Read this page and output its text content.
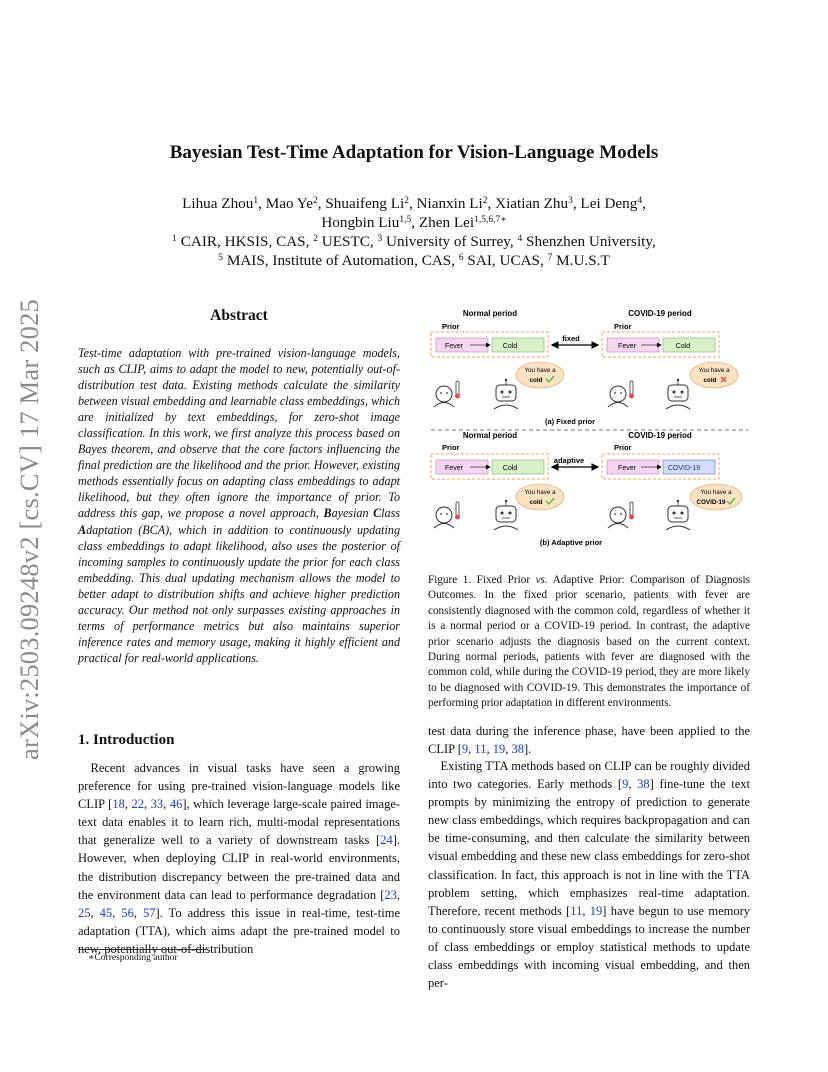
arXiv:2503.09248v2 [cs.CV] 17 Mar 2025
Bayesian Test-Time Adaptation for Vision-Language Models
Lihua Zhou$^1$, Mao Ye$^2$, Shuaifeng Li$^2$, Nianxin Li$^2$, Xiatian Zhu$^3$, Lei Deng$^4$,
Hongbin Liu$^{1,5}$, Zhen Lei$^{1,5,6,7∗}$
$^1$ CAIR, HKSIS, CAS, $^2$ UESTC, $^3$ University of Surrey, $^4$ Shenzhen University,
$^5$ MAIS, Institute of Automation, CAS, $^6$ SAI, UCAS, $^7$ M.U.S.T
Abstract
Test-time adaptation with pre-trained vision-language models, such as CLIP, aims to adapt the model to new, potentially out-of-distribution test data. Existing methods calculate the similarity between visual embedding and learnable class embeddings, which are initialized by text embeddings, for zero-shot image classification. In this work, we first analyze this process based on Bayes theorem, and observe that the core factors influencing the final prediction are the likelihood and the prior. However, existing methods essentially focus on adapting class embeddings to adapt likelihood, but they often ignore the importance of prior. To address this gap, we propose a novel approach, Bayesian Class Adaptation (BCA), which in addition to continuously updating class embeddings to adapt likelihood, also uses the posterior of incoming samples to continuously update the prior for each class embedding. This dual updating mechanism allows the model to better adapt to distribution shifts and achieve higher prediction accuracy. Our method not only surpasses existing approaches in terms of performance metrics but also maintains superior inference rates and memory usage, making it highly efficient and practical for real-world applications.
1. Introduction
 Recent advances in visual tasks have seen a growing preference for using pre-trained vision-language models like CLIP [18, 22, 33, 46], which leverage large-scale paired image-text data enables it to learn rich, multi-modal representations that generalize well to a variety of downstream tasks [24]. However, when deploying CLIP in real-world environments, the distribution discrepancy between the pre-trained data and the environment data can lead to performance degradation [23, 25, 45, 56, 57]. To address this issue in real-time, test-time adaptation (TTA), which aims adapt the pre-trained model to new, potentially out-of-distribution
test data during the inference phase, have been applied to the CLIP [9, 11, 19, 38].
 Existing TTA methods based on CLIP can be roughly divided into two categories. Early methods [9, 38] fine-tune the text prompts by minimizing the entropy of prediction to generate new class embeddings, which requires backpropagation and can be time-consuming, and then calculate the similarity between visual embedding and these new class embeddings for zero-shot classification. In fact, this approach is not in line with the TTA problem setting, which emphasizes real-time adaptation. Therefore, recent methods [11, 19] have begun to use memory to continuously store visual embeddings to increase the number of class embeddings or employ statistical methods to update class embeddings with incoming visual embedding, and then per-
∗Corresponding author
Normal period	COVID-19 period
Prior	Prior
Fever	Cold	Fever	Cold
fixed
You have a
cold
You have a
cold
(a) Fixed prior
Normal period	COVID-19 period
Prior	Prior
Fever	Cold	Fever	COVID-19
adaptive
You have a
cold
You have a
COVID-19
(b) Adaptive prior
Figure 1. Fixed Prior vs. Adaptive Prior: Comparison of Diagnosis Outcomes. In the fixed prior scenario, patients with fever are consistently diagnosed with the common cold, regardless of whether it is a normal period or a COVID-19 period. In contrast, the adaptive prior scenario adjusts the diagnosis based on the current context. During normal periods, patients with fever are diagnosed with the common cold, while during the COVID-19 period, they are more likely to be diagnosed with COVID-19. This demonstrates the importance of performing prior adaptation in different environments.
